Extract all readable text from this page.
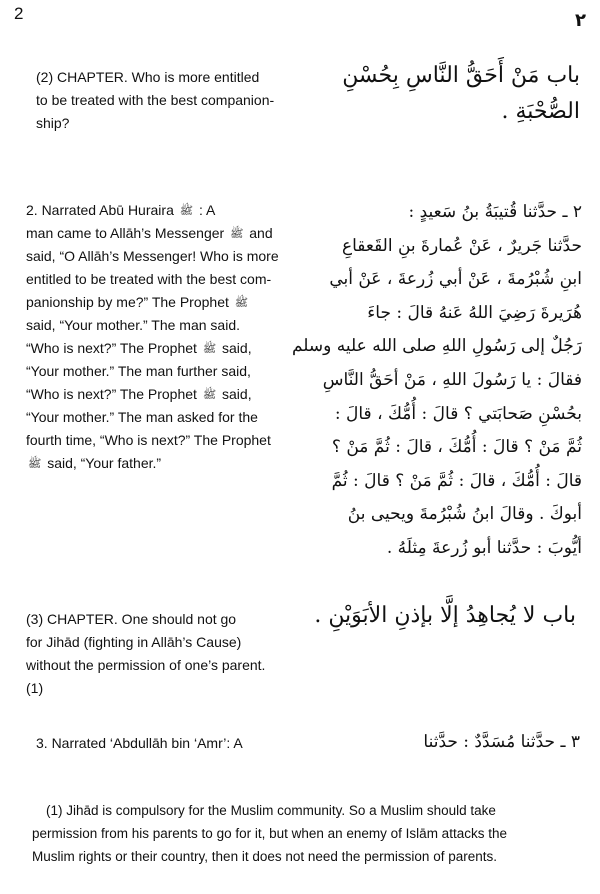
2	٢
(2) CHAPTER. Who is more entitled
to be treated with the best companion-
ship?
باب مَنْ أَحَقُّ النَّاسِ بِحُسْنِ
الصُّحْبَةِ .
2. Narrated Abū Huraira ﷺ : A
man came to Allāh’s Messenger ﷺ and
said, “O Allāh’s Messenger! Who is more
entitled to be treated with the best com-
panionship by me?” The Prophet ﷺ
said, “Your mother.” The man said.
“Who is next?” The Prophet ﷺ said,
“Your mother.” The man further said,
“Who is next?” The Prophet ﷺ said,
“Your mother.” The man asked for the
fourth time, “Who is next?” The Prophet
ﷺ said, “Your father.”
٢ ـ حدَّثنا قُتيبَةُ بنُ سَعيدٍ :
حدَّثنا جَريرٌ ، عَنْ عُمارةَ بنِ القَعقاعِ
ابنِ شُبْرُمةَ ، عَنْ أبي زُرعةَ ، عَنْ أبي
هُرَيرةَ رَضِيَ اللهُ عَنهُ قالَ : جاءَ
رَجُلٌ إلى رَسُولِ اللهِ صلى الله عليه وسلم
فقالَ : يا رَسُولَ اللهِ ، مَنْ أحَقُّ النَّاسِ
بحُسْنِ صَحابَتي ؟ قالَ : أُمُّكَ ، قالَ :
ثُمَّ مَنْ ؟ قالَ : أُمُّكَ ، قالَ : ثُمَّ مَنْ ؟
قالَ : أُمُّكَ ، قالَ : ثُمَّ مَنْ ؟ قالَ : ثُمَّ
أبوكَ . وقالَ ابنُ شُبْرُمةَ ويحيى بنُ
أيُّوبَ : حدَّثنا أبو زُرعةَ مِثلَهُ .
(3) CHAPTER. One should not go
for Jihād (fighting in Allāh’s Cause)
without the permission of one’s parent.
(1)
باب لا يُجاهِدُ إلَّا بإذنِ الأبَوَيْنِ .
3. Narrated ‘Abdullāh bin ‘Amr’: A	٣ ـ حدَّثنا مُسَدَّدٌ : حدَّثنا
(1) Jihād is compulsory for the Muslim community. So a Muslim should take
permission from his parents to go for it, but when an enemy of Islām attacks the
Muslim rights or their country, then it does not need the permission of parents.
